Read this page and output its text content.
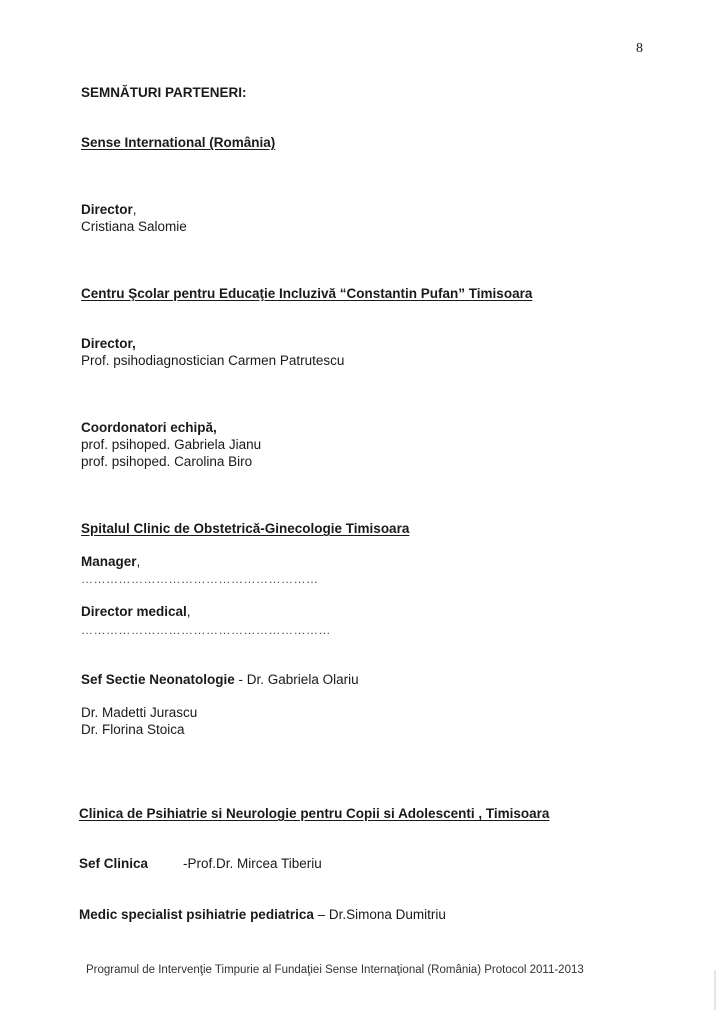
8
SEMNĂTURI PARTENERI:
Sense International (România)
Director,
Cristiana Salomie
Centru Şcolar pentru Educaţie Incluzivă “Constantin Pufan” Timisoara
Director,
Prof. psihodiagnostician Carmen Patrutescu
Coordonatori echipă,
prof. psihoped. Gabriela Jianu
prof. psihoped. Carolina Biro
Spitalul Clinic de Obstetrică-Ginecologie Timisoara
Manager,
…………………………………………………
Director medical,
……………………………………………………
Sef Sectie Neonatologie - Dr. Gabriela Olariu
Dr. Madetti Jurascu
Dr. Florina Stoica
Clinica de Psihiatrie si Neurologie pentru Copii si Adolescenti , Timisoara
Sef Clinica	-Prof.Dr. Mircea Tiberiu
Medic specialist psihiatrie pediatrica – Dr.Simona Dumitriu
Programul de Intervenţie Timpurie al Fundaţiei Sense Internaţional (România) Protocol 2011-2013
